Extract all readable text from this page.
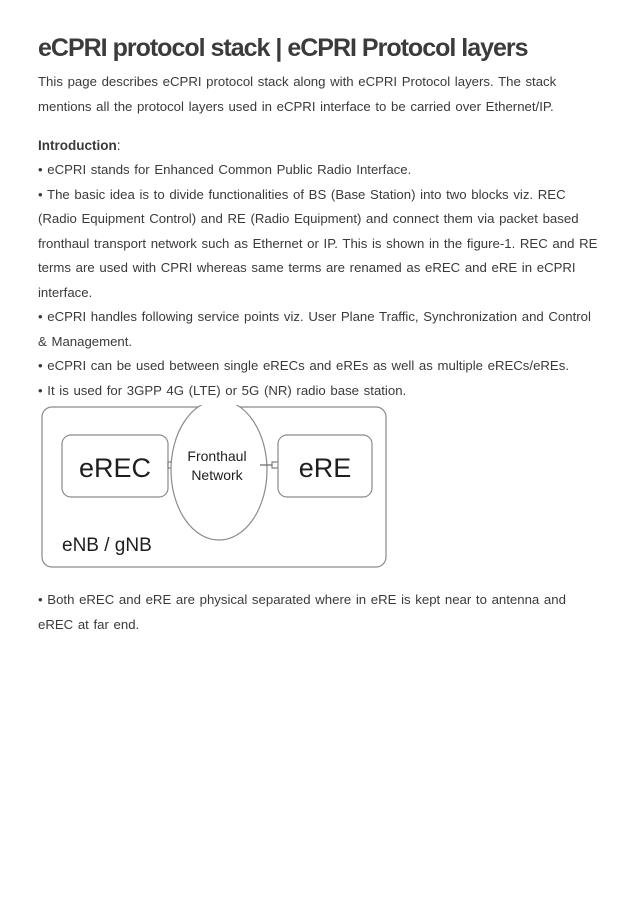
eCPRI protocol stack | eCPRI Protocol layers

This page describes eCPRI protocol stack along with eCPRI Protocol layers. The stack mentions all the protocol layers used in eCPRI interface to be carried over Ethernet/IP.

Introduction:

• eCPRI stands for Enhanced Common Public Radio Interface.
• The basic idea is to divide functionalities of BS (Base Station) into two blocks viz. REC (Radio Equipment Control) and RE (Radio Equipment) and connect them via packet based fronthaul transport network such as Ethernet or IP. This is shown in the figure-1. REC and RE terms are used with CPRI whereas same terms are renamed as eREC and eRE in eCPRI interface.
• eCPRI handles following service points viz. User Plane Traffic, Synchronization and Control & Management.
• eCPRI can be used between single eRECs and eREs as well as multiple eRECs/eREs.
• It is used for 3GPP 4G (LTE) or 5G (NR) radio base station.
eREC	Fronthaul
Network eRE
eNB / gNB

• Both eREC and eRE are physical separated where in eRE is kept near to antenna and eREC at far end.
